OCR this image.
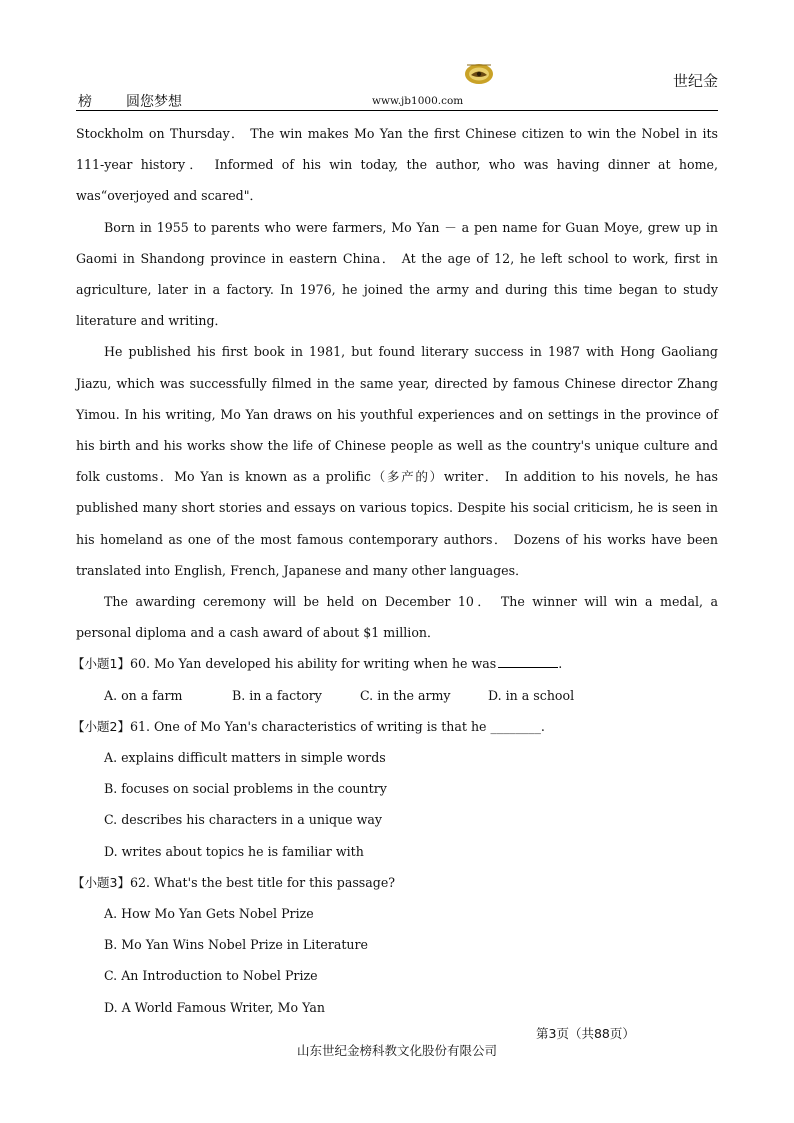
世纪金
榜 圆您梦想	www.jb1000.com

Stockholm on Thursday． The win makes Mo Yan the first Chinese citizen to win the Nobel in its 111-year history． Informed of his win today, the author, who was having dinner at home, was“overjoyed and scared"．

Born in 1955 to parents who were farmers, Mo Yan － a pen name for Guan Moye, grew up in Gaomi in Shandong province in eastern China． At the age of 12, he left school to work, first in agriculture, later in a factory. In 1976, he joined the army and during this time began to study literature and writing．

He published his first book in 1981, but found literary success in 1987 with Hong Gaoliang Jiazu, which was successfully filmed in the same year, directed by famous Chinese director Zhang Yimou. In his writing, Mo Yan draws on his youthful experiences and on settings in the province of his birth and his works show the life of Chinese people as well as the country's unique culture and folk customs．Mo Yan is known as a prolific（多产的）writer． In addition to his novels, he has published many short stories and essays on various topics. Despite his social criticism, he is seen in his homeland as one of the most famous contemporary authors． Dozens of his works have been translated into English, French, Japanese and many other languages．

The awarding ceremony will be held on December 10． The winner will win a medal, a personal diploma and a cash award of about $1 million．

【小题1】60. Mo Yan developed his ability for writing when he was	.
A. on a farm	B. in a factory	C. in the army	D. in a school
【小题2】61. One of Mo Yan's characteristics of writing is that he ________.
A. explains difficult matters in simple words
B. focuses on social problems in the country
C. describes his characters in a unique way
D. writes about topics he is familiar with
【小题3】62. What's the best title for this passage?
A. How Mo Yan Gets Nobel Prize
B. Mo Yan Wins Nobel Prize in Literature
C. An Introduction to Nobel Prize
D. A World Famous Writer, Mo Yan
第3页（共88页）
山东世纪金榜科教文化股份有限公司
